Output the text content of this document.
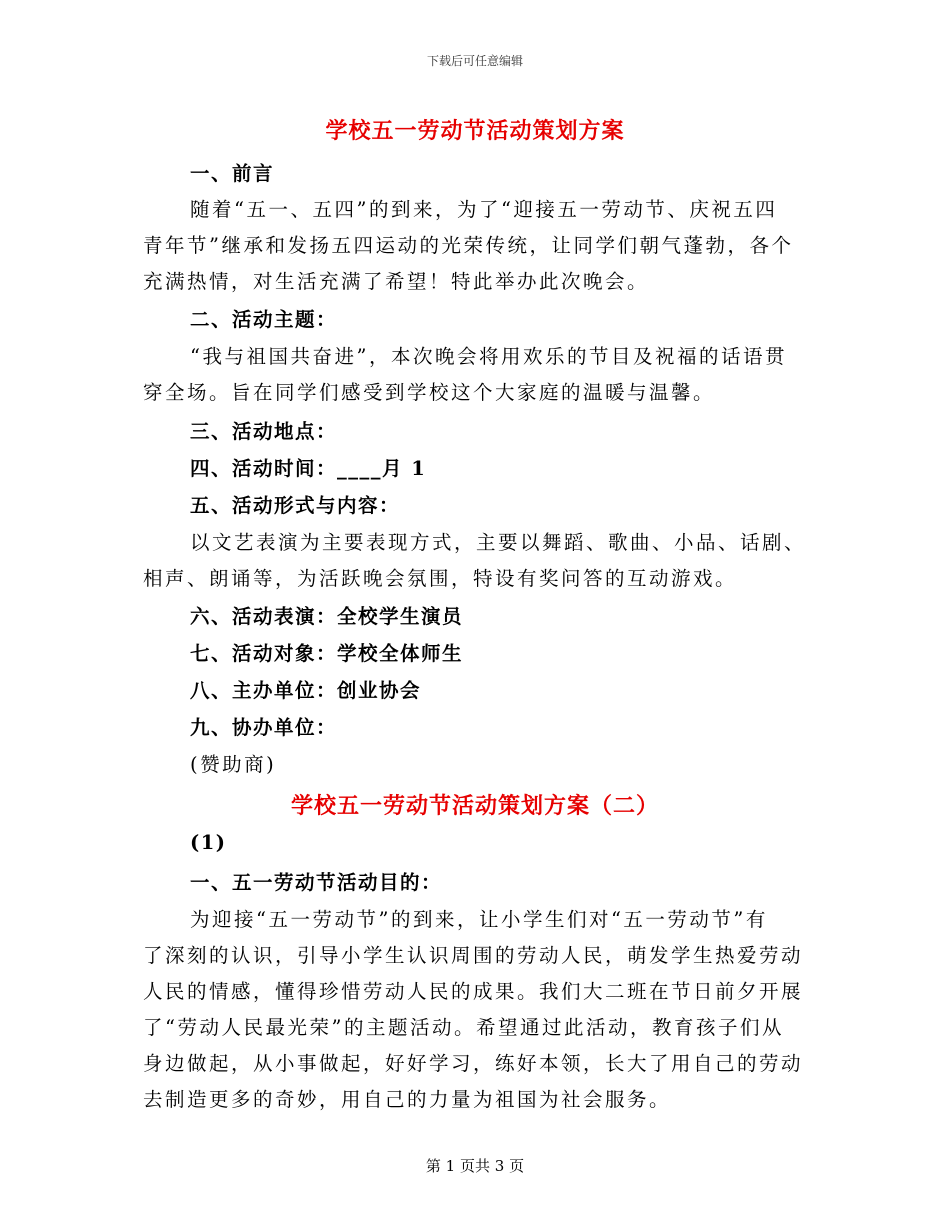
下载后可任意编辑
学校五一劳动节活动策划方案
一、前言
随着“五一、五四”的到来，为了“迎接五一劳动节、庆祝五四
青年节”继承和发扬五四运动的光荣传统，让同学们朝气蓬勃，各个
充满热情，对生活充满了希望！特此举办此次晚会。
二、活动主题：
“我与祖国共奋进”，本次晚会将用欢乐的节目及祝福的话语贯
穿全场。旨在同学们感受到学校这个大家庭的温暖与温馨。
三、活动地点：
四、活动时间：____月 1
五、活动形式与内容：
以文艺表演为主要表现方式，主要以舞蹈、歌曲、小品、话剧、
相声、朗诵等，为活跃晚会氛围，特设有奖问答的互动游戏。
六、活动表演：全校学生演员
七、活动对象：学校全体师生
八、主办单位：创业协会
九、协办单位：
(赞助商)
学校五一劳动节活动策划方案（二）
(1)
一、五一劳动节活动目的：
为迎接“五一劳动节”的到来，让小学生们对“五一劳动节”有
了深刻的认识，引导小学生认识周围的劳动人民，萌发学生热爱劳动
人民的情感，懂得珍惜劳动人民的成果。我们大二班在节日前夕开展
了“劳动人民最光荣”的主题活动。希望通过此活动，教育孩子们从
身边做起，从小事做起，好好学习，练好本领，长大了用自己的劳动
去制造更多的奇妙，用自己的力量为祖国为社会服务。
第 1 页共 3 页
